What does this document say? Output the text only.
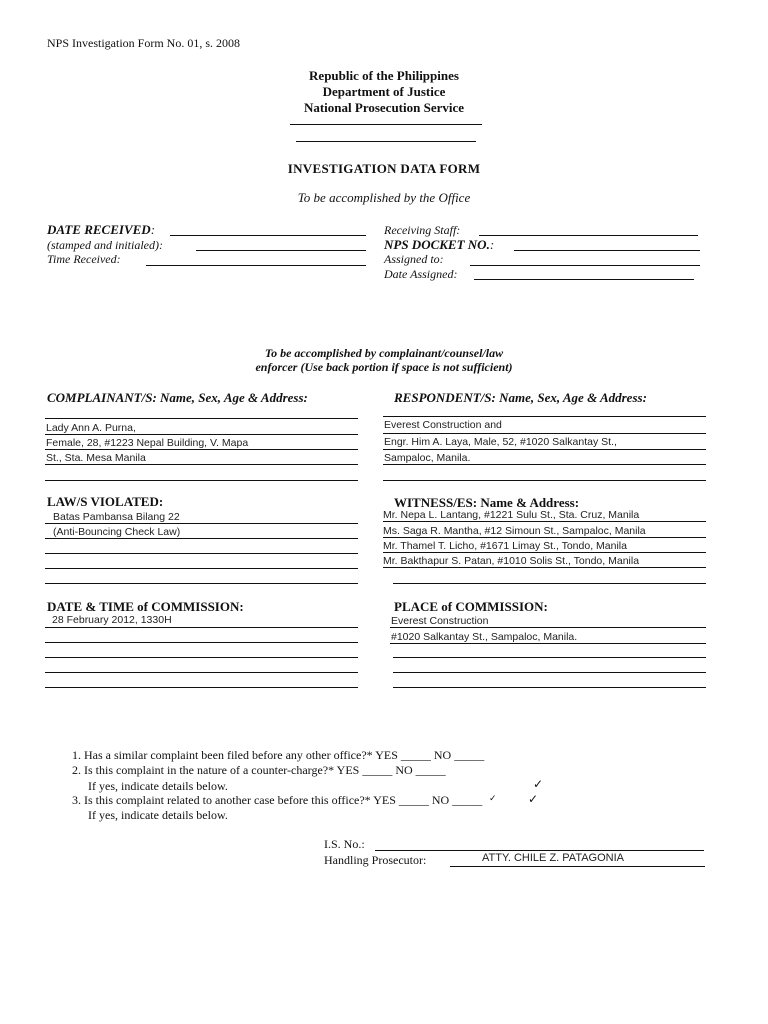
NPS Investigation Form No. 01, s. 2008
Republic of the Philippines
Department of Justice
National Prosecution Service
INVESTIGATION DATA FORM
To be accomplished by the Office
DATE RECEIVED:
(stamped and initialed):
Time Received:
Receiving Staff:
NPS DOCKET NO.:
Assigned to:
Date Assigned:
To be accomplished by complainant/counsel/law
enforcer (Use back portion if space is not sufficient)
COMPLAINANT/S: Name, Sex, Age & Address:
Lady Ann A. Purna,
Female, 28, #1223 Nepal Building, V. Mapa
St., Sta. Mesa Manila
RESPONDENT/S: Name, Sex, Age & Address:
Everest Construction and
Engr. Him A. Laya, Male, 52, #1020 Salkantay St.,
Sampaloc, Manila.
LAW/S VIOLATED:
Batas Pambansa Bilang 22
(Anti-Bouncing Check Law)
WITNESS/ES: Name & Address:
Mr. Nepa L. Lantang, #1221 Sulu St., Sta. Cruz, Manila
Ms. Saga R. Mantha, #12 Simoun St., Sampaloc, Manila
Mr. Thamel T. Licho, #1671 Limay St., Tondo, Manila
Mr. Bakthapur S. Patan, #1010 Solis St., Tondo, Manila
DATE & TIME of COMMISSION:
28 February 2012, 1330H
PLACE of COMMISSION:
Everest Construction
#1020 Salkantay St., Sampaloc, Manila.
1. Has a similar complaint been filed before any other office?* YES _____ NO _____
2. Is this complaint in the nature of a counter-charge?* YES _____ NO _____
If yes, indicate details below.	✓
3. Is this complaint related to another case before this office?* YES _____ NO _____ ✓	✓
If yes, indicate details below.
I.S. No.:
Handling Prosecutor:	ATTY. CHILE Z. PATAGONIA
